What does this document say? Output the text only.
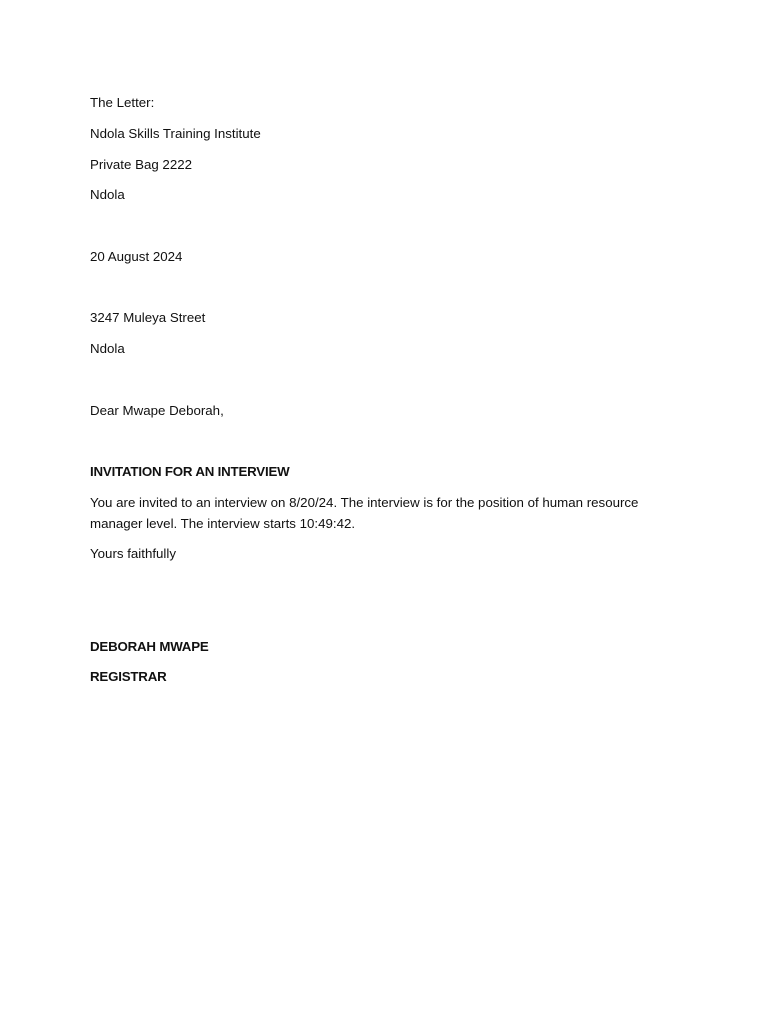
The Letter:
Ndola Skills Training Institute
Private Bag 2222
Ndola
20 August 2024
3247 Muleya Street
Ndola
Dear Mwape Deborah,
INVITATION FOR AN INTERVIEW
You are invited to an interview on 8/20/24. The interview is for the position of human resource manager level. The interview starts 10:49:42.
Yours faithfully
DEBORAH MWAPE
REGISTRAR
